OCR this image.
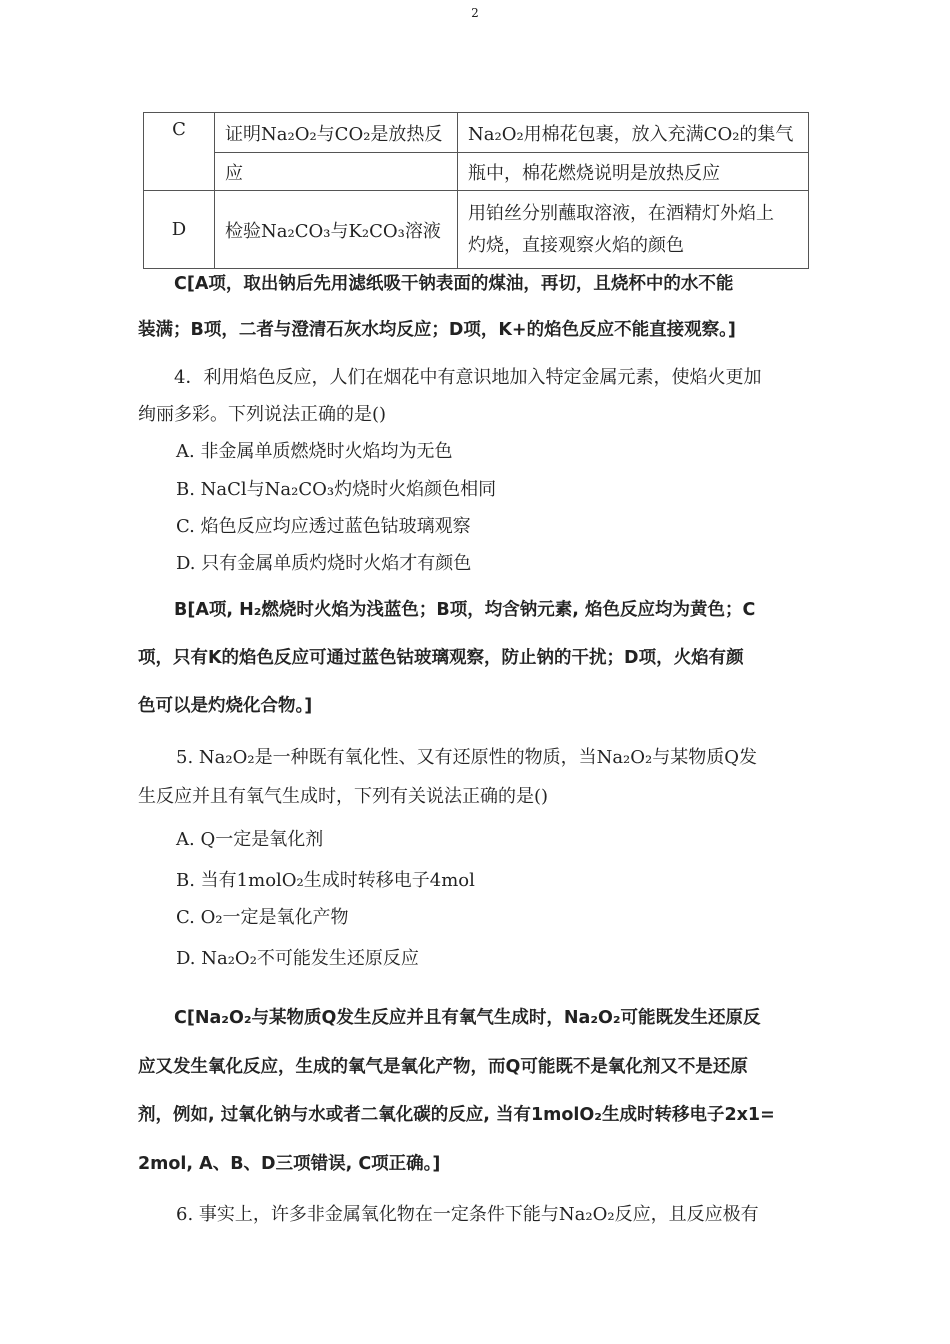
2
C	证明Na₂O₂与CO₂是放热反	Na₂O₂用棉花包裹，放入充满CO₂的集气
	应	瓶中，棉花燃烧说明是放热反应
D	检验Na₂CO₃与K₂CO₃溶液	用铂丝分别蘸取溶液，在酒精灯外焰上
灼烧，直接观察火焰的颜色
C[A项，取出钠后先用滤纸吸干钠表面的煤油，再切，且烧杯中的水不能
装满；B项，二者与澄清石灰水均反应；D项，K+的焰色反应不能直接观察。]
4．利用焰色反应，人们在烟花中有意识地加入特定金属元素，使焰火更加
绚丽多彩。下列说法正确的是()
A. 非金属单质燃烧时火焰均为无色
B. NaCl与Na₂CO₃灼烧时火焰颜色相同
C. 焰色反应均应透过蓝色钴玻璃观察
D. 只有金属单质灼烧时火焰才有颜色
B[A项, H₂燃烧时火焰为浅蓝色；B项，均含钠元素, 焰色反应均为黄色；C
项，只有K的焰色反应可通过蓝色钴玻璃观察，防止钠的干扰；D项，火焰有颜
色可以是灼烧化合物。]
5. Na₂O₂是一种既有氧化性、又有还原性的物质，当Na₂O₂与某物质Q发
生反应并且有氧气生成时，下列有关说法正确的是()
A. Q一定是氧化剂
B. 当有1molO₂生成时转移电子4mol
C. O₂一定是氧化产物
D. Na₂O₂不可能发生还原反应
C[Na₂O₂与某物质Q发生反应并且有氧气生成时，Na₂O₂可能既发生还原反
应又发生氧化反应，生成的氧气是氧化产物，而Q可能既不是氧化剂又不是还原
剂，例如, 过氧化钠与水或者二氧化碳的反应, 当有1molO₂生成时转移电子2x1=
2mol, A、B、D三项错误, C项正确。]
6. 事实上，许多非金属氧化物在一定条件下能与Na₂O₂反应，且反应极有
